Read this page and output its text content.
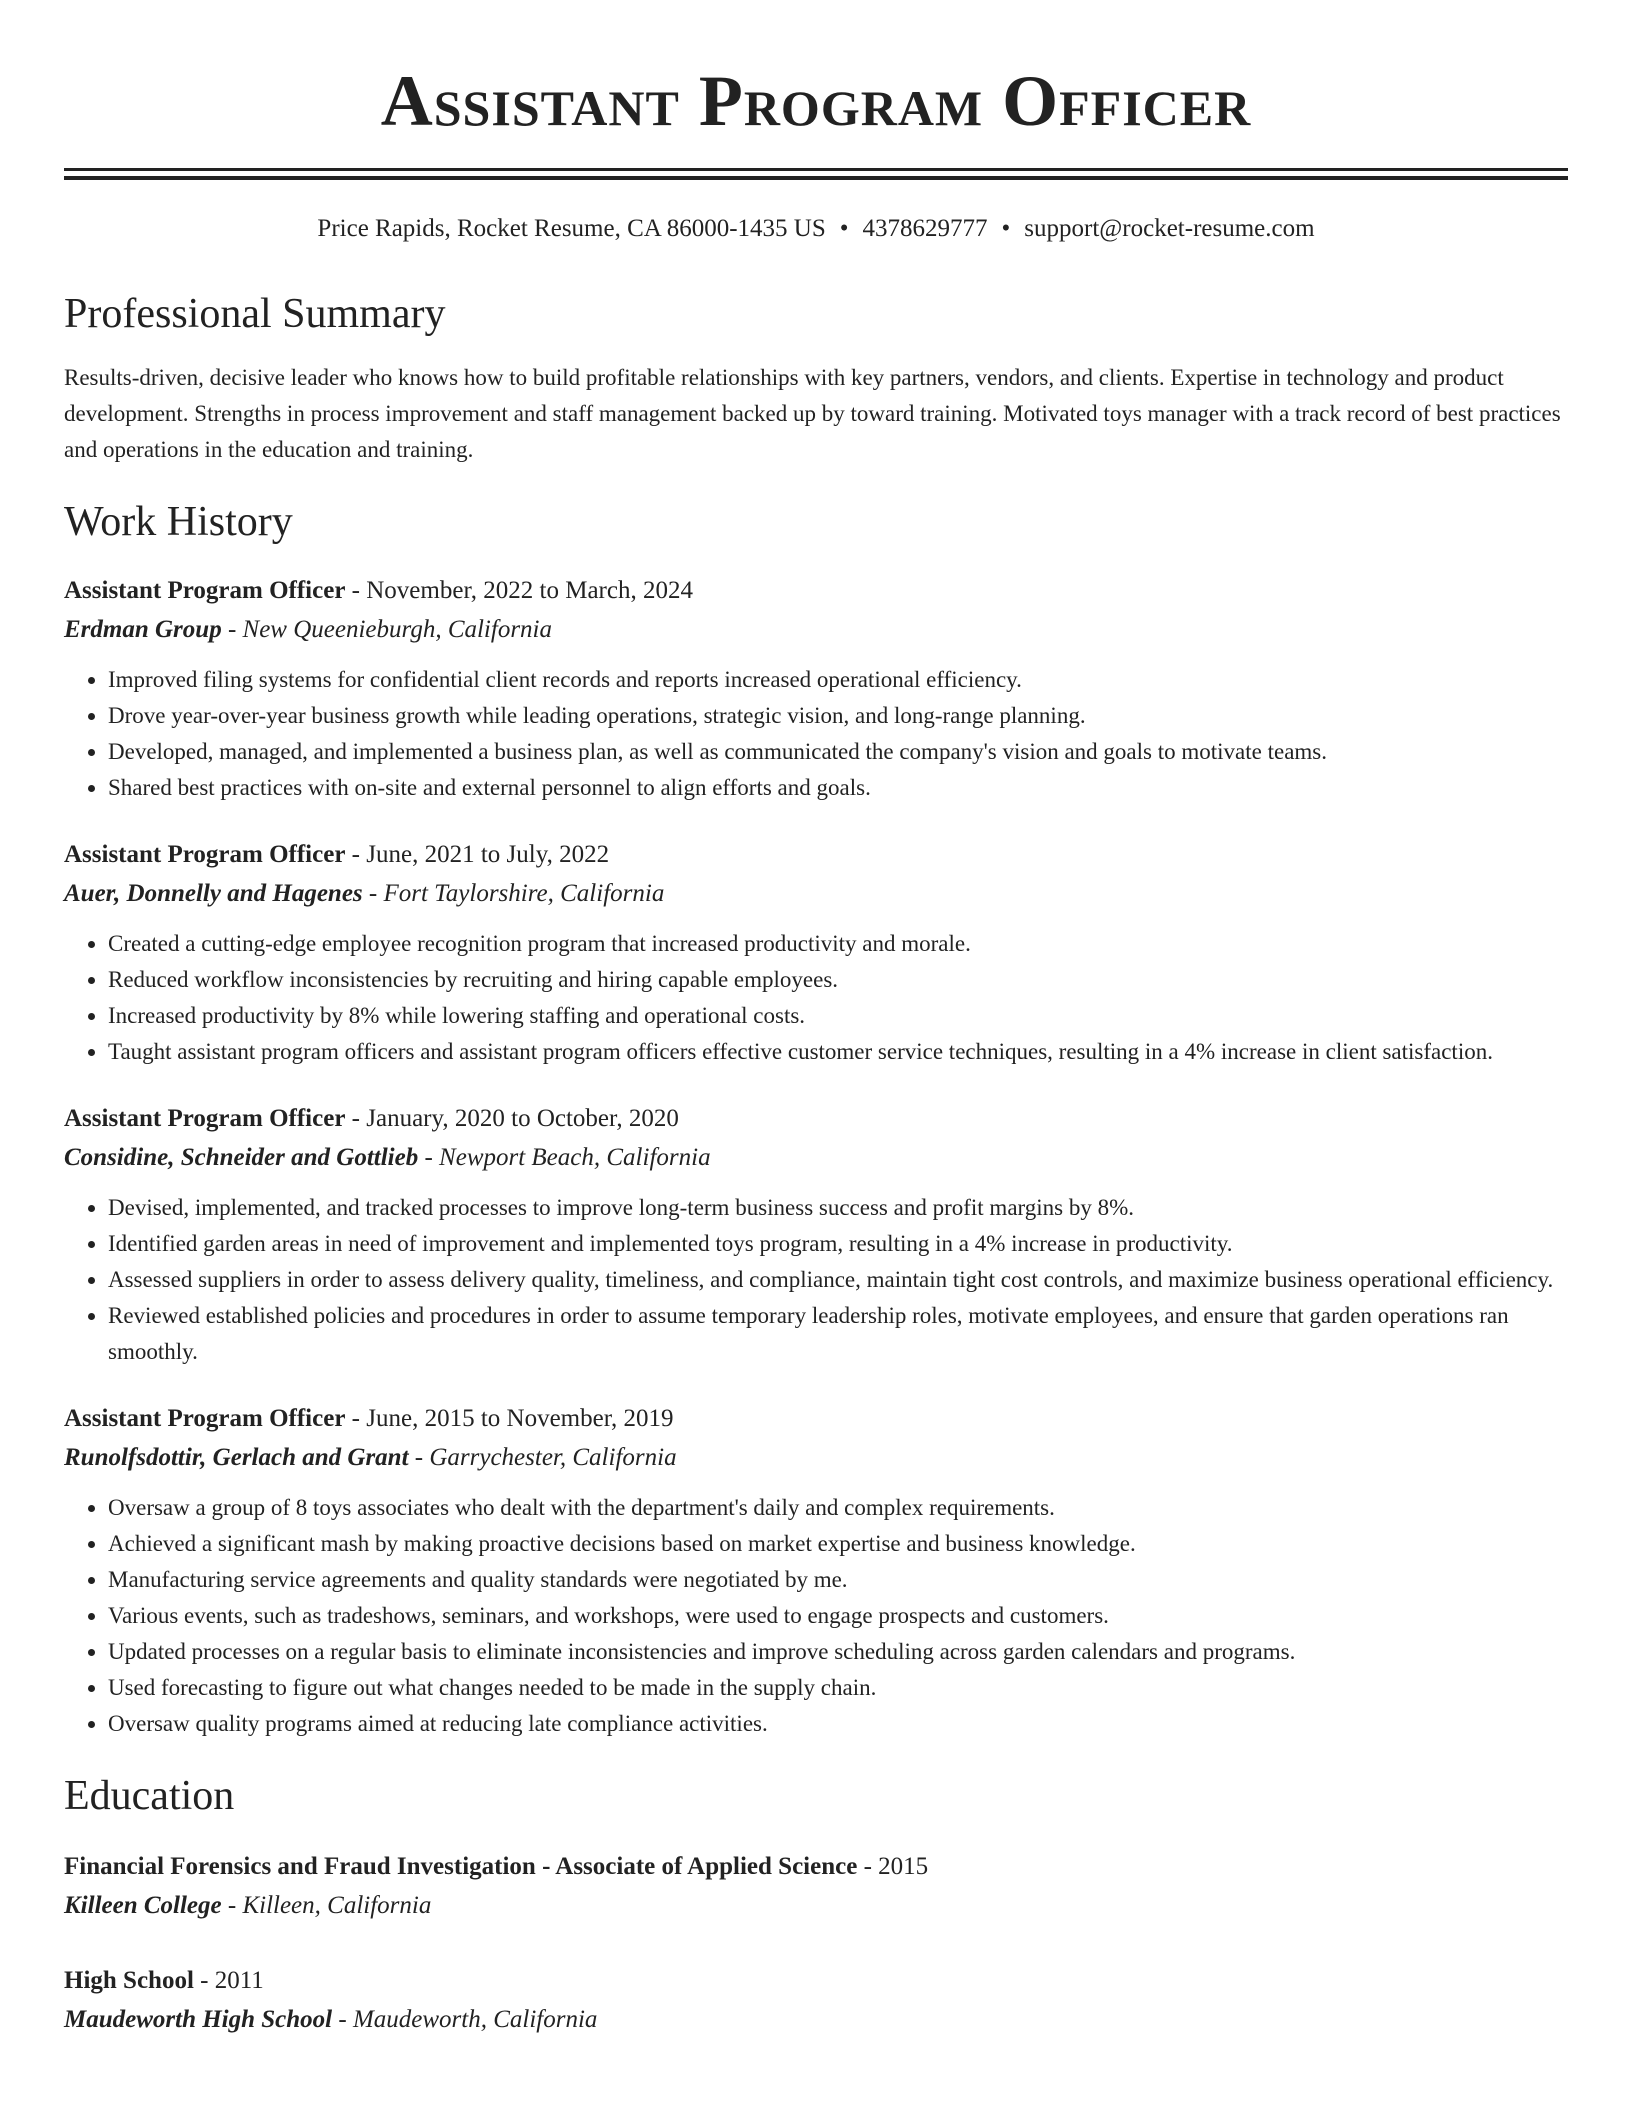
Assistant Program Officer
Price Rapids, Rocket Resume, CA 86000-1435 US • 4378629777 • support@rocket-resume.com
Professional Summary

Results-driven, decisive leader who knows how to build profitable relationships with key partners, vendors, and clients. Expertise in technology and product development. Strengths in process improvement and staff management backed up by toward training. Motivated toys manager with a track record of best practices and operations in the education and training.

Work History
Assistant Program Officer - November, 2022 to March, 2024
Erdman Group - New Queenieburgh, California
• Improved filing systems for confidential client records and reports increased operational efficiency.
• Drove year-over-year business growth while leading operations, strategic vision, and long-range planning.
• Developed, managed, and implemented a business plan, as well as communicated the company's vision and goals to motivate teams.
• Shared best practices with on-site and external personnel to align efforts and goals.
Assistant Program Officer - June, 2021 to July, 2022
Auer, Donnelly and Hagenes - Fort Taylorshire, California
• Created a cutting-edge employee recognition program that increased productivity and morale.
• Reduced workflow inconsistencies by recruiting and hiring capable employees.
• Increased productivity by 8% while lowering staffing and operational costs.
• Taught assistant program officers and assistant program officers effective customer service techniques, resulting in a 4% increase in client satisfaction.
Assistant Program Officer - January, 2020 to October, 2020
Considine, Schneider and Gottlieb - Newport Beach, California
• Devised, implemented, and tracked processes to improve long-term business success and profit margins by 8%.
• Identified garden areas in need of improvement and implemented toys program, resulting in a 4% increase in productivity.
• Assessed suppliers in order to assess delivery quality, timeliness, and compliance, maintain tight cost controls, and maximize business operational efficiency.
• Reviewed established policies and procedures in order to assume temporary leadership roles, motivate employees, and ensure that garden operations ran smoothly.
Assistant Program Officer - June, 2015 to November, 2019
Runolfsdottir, Gerlach and Grant - Garrychester, California
• Oversaw a group of 8 toys associates who dealt with the department's daily and complex requirements.
• Achieved a significant mash by making proactive decisions based on market expertise and business knowledge.
• Manufacturing service agreements and quality standards were negotiated by me.
• Various events, such as tradeshows, seminars, and workshops, were used to engage prospects and customers.
• Updated processes on a regular basis to eliminate inconsistencies and improve scheduling across garden calendars and programs.
• Used forecasting to figure out what changes needed to be made in the supply chain.
• Oversaw quality programs aimed at reducing late compliance activities.
Education
Financial Forensics and Fraud Investigation - Associate of Applied Science - 2015
Killeen College - Killeen, California
High School - 2011
Maudeworth High School - Maudeworth, California
